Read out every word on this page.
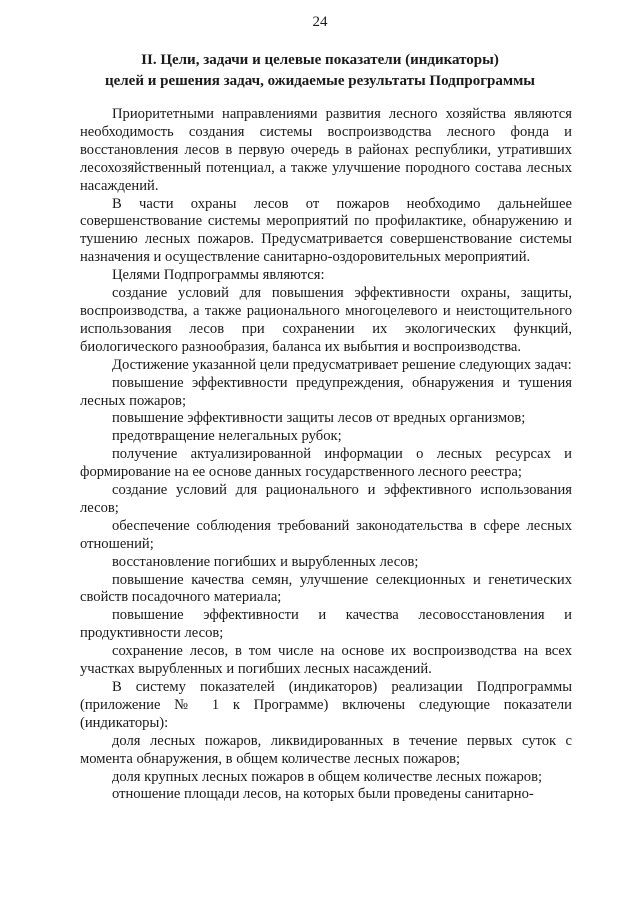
24
II. Цели, задачи и целевые показатели (индикаторы)
целей и решения задач, ожидаемые результаты Подпрограммы

Приоритетными направлениями развития лесного хозяйства являются необходимость создания системы воспроизводства лесного фонда и восстановления лесов в первую очередь в районах республики, утративших лесохозяйственный потенциал, а также улучшение породного состава лесных насаждений.

В части охраны лесов от пожаров необходимо дальнейшее совершенствование системы мероприятий по профилактике, обнаружению и тушению лесных пожаров. Предусматривается совершенствование системы назначения и осуществление санитарно-оздоровительных мероприятий.

Целями Подпрограммы являются:

создание условий для повышения эффективности охраны, защиты, воспроизводства, а также рационального многоцелевого и неистощительного использования лесов при сохранении их экологических функций, биологического разнообразия, баланса их выбытия и воспроизводства.

Достижение указанной цели предусматривает решение следующих задач:

повышение эффективности предупреждения, обнаружения и тушения лесных пожаров;

повышение эффективности защиты лесов от вредных организмов;

предотвращение нелегальных рубок;

получение актуализированной информации о лесных ресурсах и формирование на ее основе данных государственного лесного реестра;

создание условий для рационального и эффективного использования лесов;

обеспечение соблюдения требований законодательства в сфере лесных отношений;

восстановление погибших и вырубленных лесов;

повышение качества семян, улучшение селекционных и генетических свойств посадочного материала;

повышение эффективности и качества лесовосстановления и продуктивности лесов;

сохранение лесов, в том числе на основе их воспроизводства на всех участках вырубленных и погибших лесных насаждений.

В систему показателей (индикаторов) реализации Подпрограммы (приложение № 1 к Программе) включены следующие показатели (индикаторы):

доля лесных пожаров, ликвидированных в течение первых суток с момента обнаружения, в общем количестве лесных пожаров;

доля крупных лесных пожаров в общем количестве лесных пожаров;

отношение площади лесов, на которых были проведены санитарно-
